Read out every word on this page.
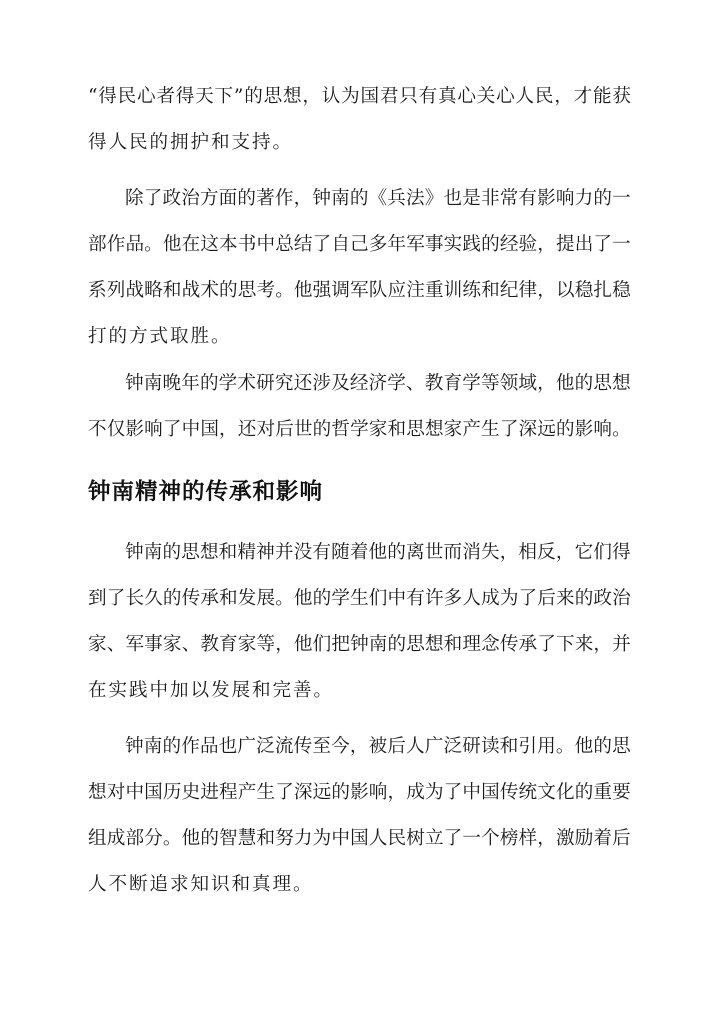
“ 得 民 心 者 得 天 下 ” 的 思 想 ， 认 为 国 君 只 有 真 心 关 心 人 民 ， 才 能 获
得人民的拥护和支持。
除 了 政 治 方 面 的 著 作 ， 钟 南 的 《 兵 法 》 也 是 非 常 有 影 响 力 的 一
部 作 品 。 他 在 这 本 书 中 总 结 了 自 己 多 年 军 事 实 践 的 经 验 ， 提 出 了 一
系 列 战 略 和 战 术 的 思 考 。 他 强 调 军 队 应 注 重 训 练 和 纪 律 ， 以 稳 扎 稳
打的方式取胜。
钟 南 晚 年 的 学 术 研 究 还 涉 及 经 济 学 、 教 育 学 等 领 域 ， 他 的 思 想
不 仅 影 响 了 中 国 ， 还 对 后 世 的 哲 学 家 和 思 想 家 产 生 了 深 远 的 影 响 。
钟南精神的传承和影响
钟 南 的 思 想 和 精 神 并 没 有 随 着 他 的 离 世 而 消 失 ， 相 反 ， 它 们 得
到 了 长 久 的 传 承 和 发 展 。 他 的 学 生 们 中 有 许 多 人 成 为 了 后 来 的 政 治
家 、 军 事 家 、 教 育 家 等 ， 他 们 把 钟 南 的 思 想 和 理 念 传 承 了 下 来 ， 并
在实践中加以发展和完善。
钟 南 的 作 品 也 广 泛 流 传 至 今 ， 被 后 人 广 泛 研 读 和 引 用 。 他 的 思
想 对 中 国 历 史 进 程 产 生 了 深 远 的 影 响 ， 成 为 了 中 国 传 统 文 化 的 重 要
组 成 部 分 。 他 的 智 慧 和 努 力 为 中 国 人 民 树 立 了 一 个 榜 样 ， 激 励 着 后
人不断追求知识和真理。
